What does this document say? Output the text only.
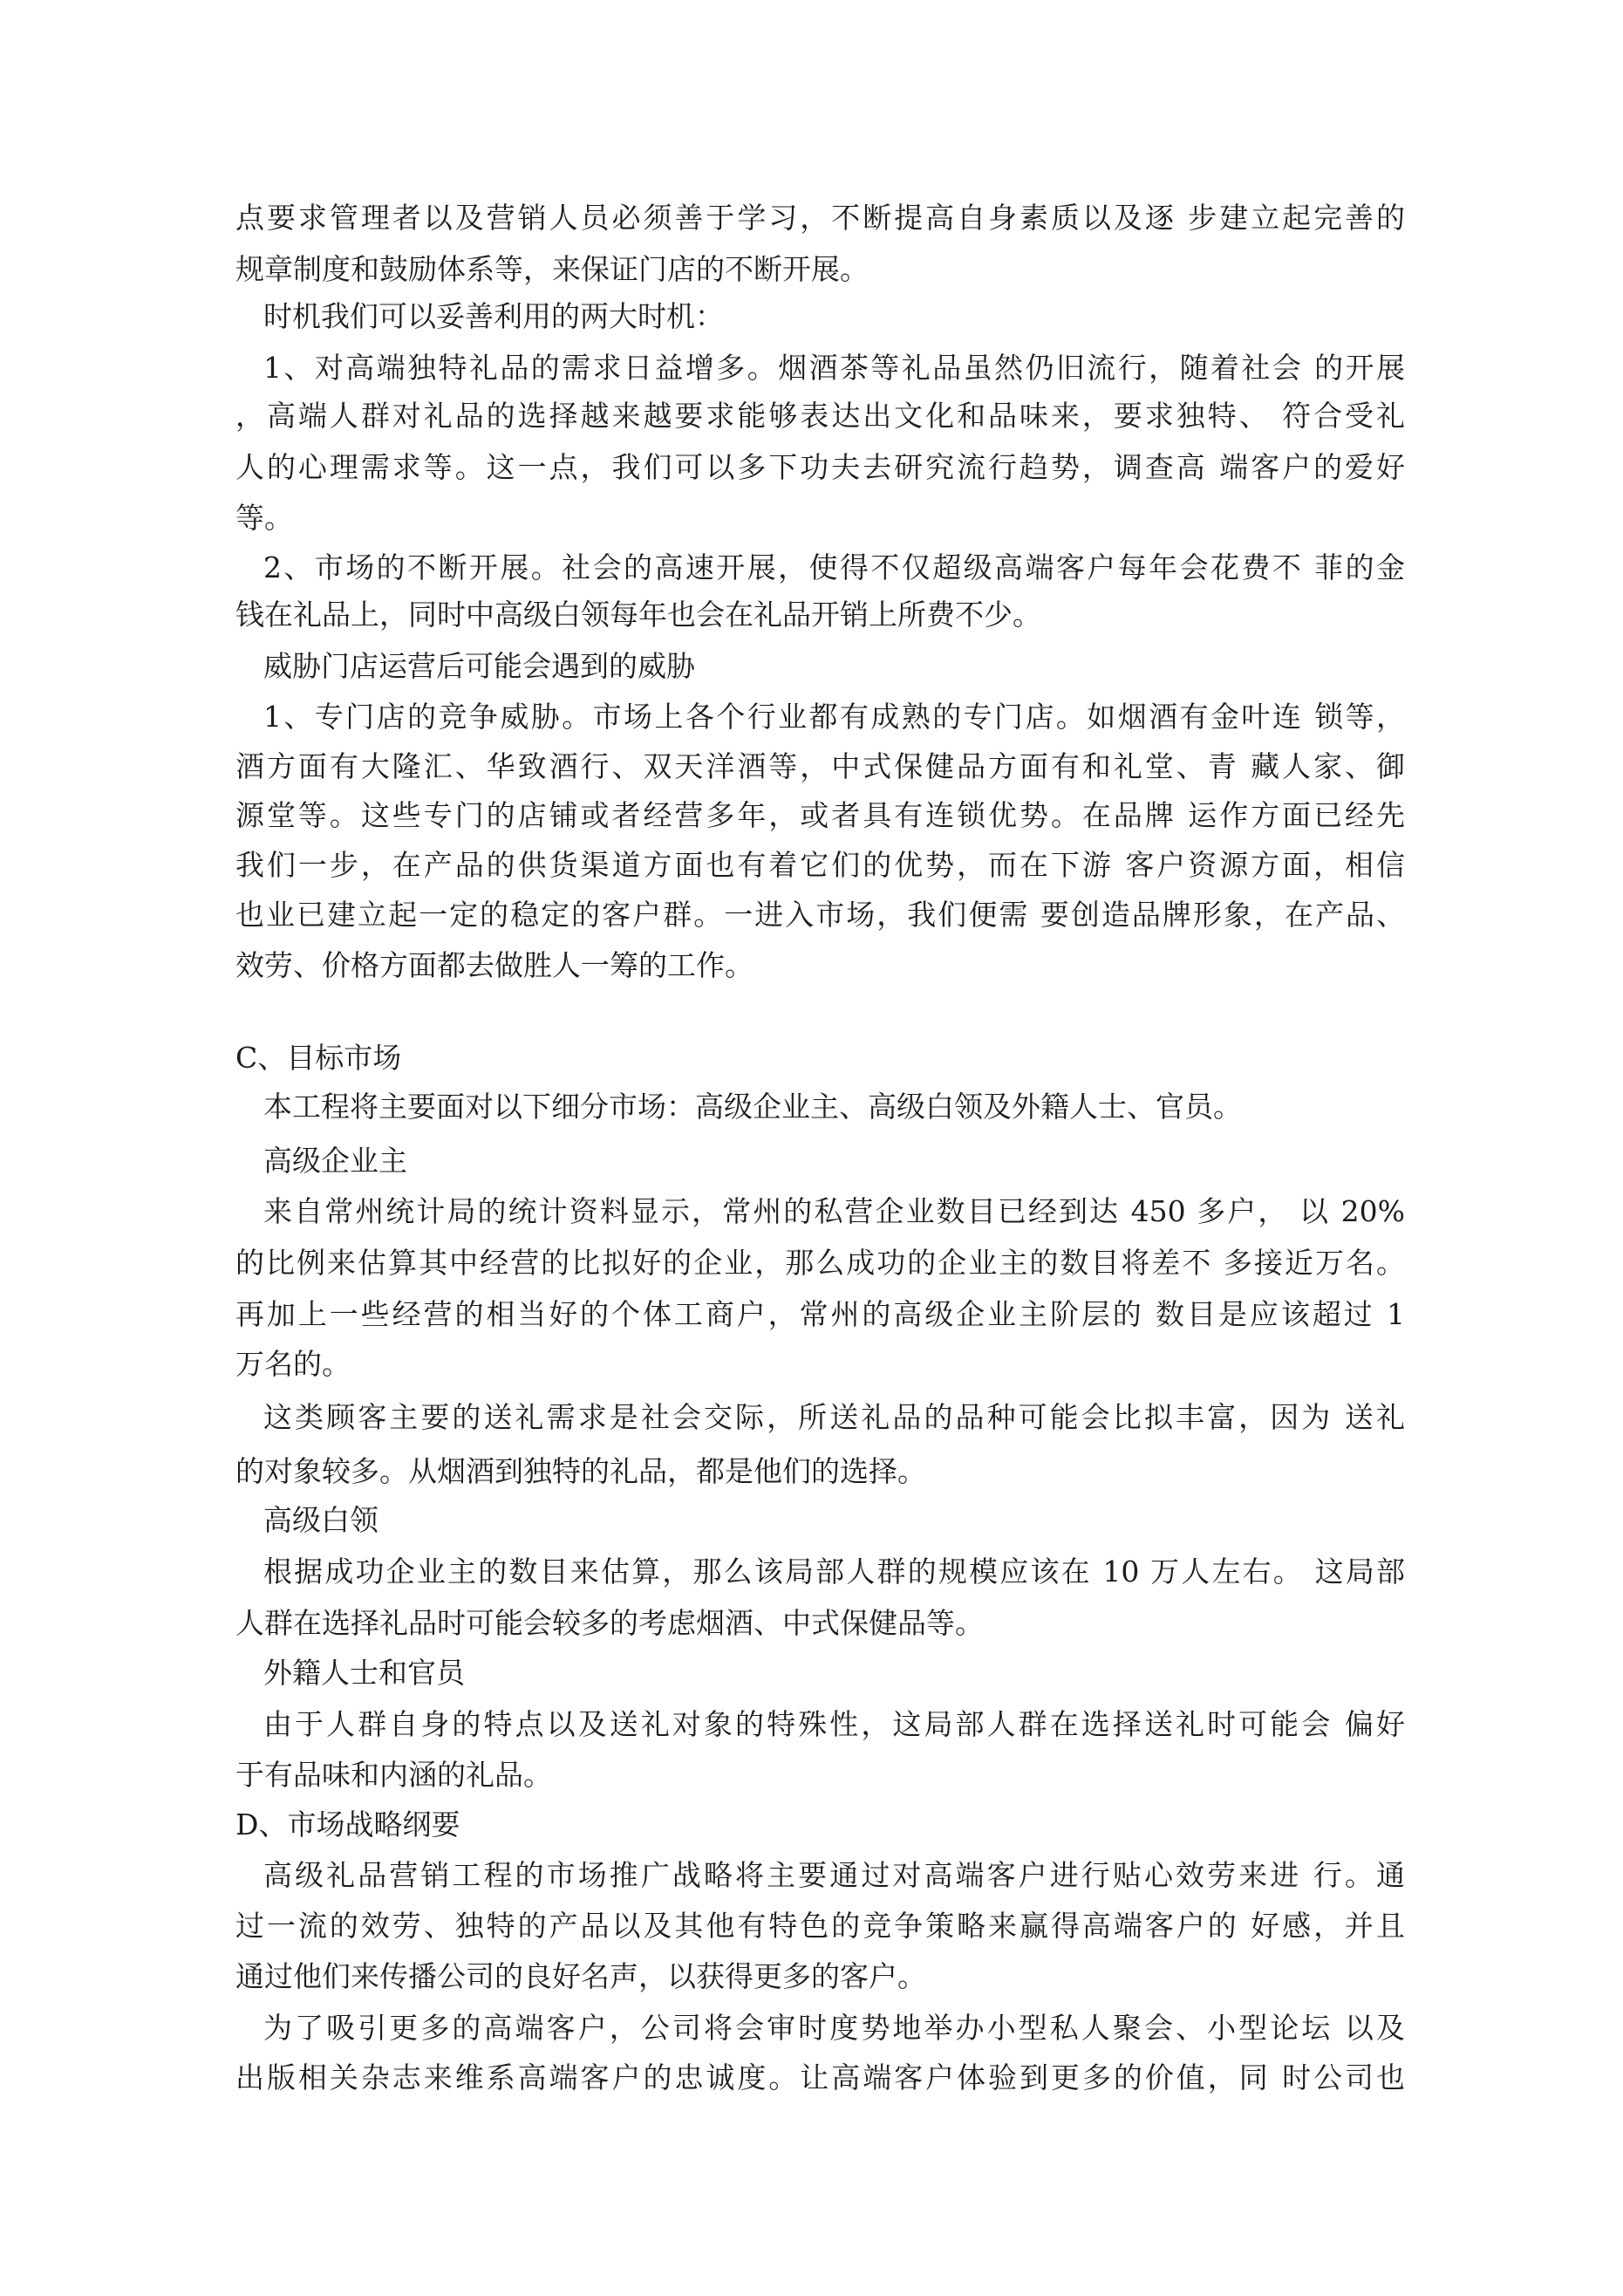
点要求管理者以及营销人员必须善于学习，不断提高自身素质以及逐 步建立起完善的
规章制度和鼓励体系等，来保证门店的不断开展。
时机我们可以妥善利用的两大时机：
1、对高端独特礼品的需求日益增多。烟酒茶等礼品虽然仍旧流行，随着社会 的开展
，高端人群对礼品的选择越来越要求能够表达出文化和品味来，要求独特、 符合受礼
人的心理需求等。这一点，我们可以多下功夫去研究流行趋势，调查高 端客户的爱好
等。
2、市场的不断开展。社会的高速开展，使得不仅超级高端客户每年会花费不 菲的金
钱在礼品上，同时中高级白领每年也会在礼品开销上所费不少。
威胁门店运营后可能会遇到的威胁
1、专门店的竞争威胁。市场上各个行业都有成熟的专门店。如烟酒有金叶连 锁等，
酒方面有大隆汇、华致酒行、双天洋酒等，中式保健品方面有和礼堂、青 藏人家、御
源堂等。这些专门的店铺或者经营多年，或者具有连锁优势。在品牌 运作方面已经先
我们一步，在产品的供货渠道方面也有着它们的优势，而在下游 客户资源方面，相信
也业已建立起一定的稳定的客户群。一进入市场，我们便需 要创造品牌形象，在产品、
效劳、价格方面都去做胜人一筹的工作。
C、目标市场
本工程将主要面对以下细分市场：高级企业主、高级白领及外籍人士、官员。
高级企业主
来自常州统计局的统计资料显示，常州的私营企业数目已经到达 450 多户， 以 20%
的比例来估算其中经营的比拟好的企业，那么成功的企业主的数目将差不 多接近万名。
再加上一些经营的相当好的个体工商户，常州的高级企业主阶层的 数目是应该超过 1
万名的。
这类顾客主要的送礼需求是社会交际，所送礼品的品种可能会比拟丰富，因为 送礼
的对象较多。从烟酒到独特的礼品，都是他们的选择。
高级白领
根据成功企业主的数目来估算，那么该局部人群的规模应该在 10 万人左右。 这局部
人群在选择礼品时可能会较多的考虑烟酒、中式保健品等。
外籍人士和官员
由于人群自身的特点以及送礼对象的特殊性，这局部人群在选择送礼时可能会 偏好
于有品味和内涵的礼品。
D、市场战略纲要
高级礼品营销工程的市场推广战略将主要通过对高端客户进行贴心效劳来进 行。通
过一流的效劳、独特的产品以及其他有特色的竞争策略来赢得高端客户的 好感，并且
通过他们来传播公司的良好名声，以获得更多的客户。
为了吸引更多的高端客户，公司将会审时度势地举办小型私人聚会、小型论坛 以及
出版相关杂志来维系高端客户的忠诚度。让高端客户体验到更多的价值，同 时公司也
